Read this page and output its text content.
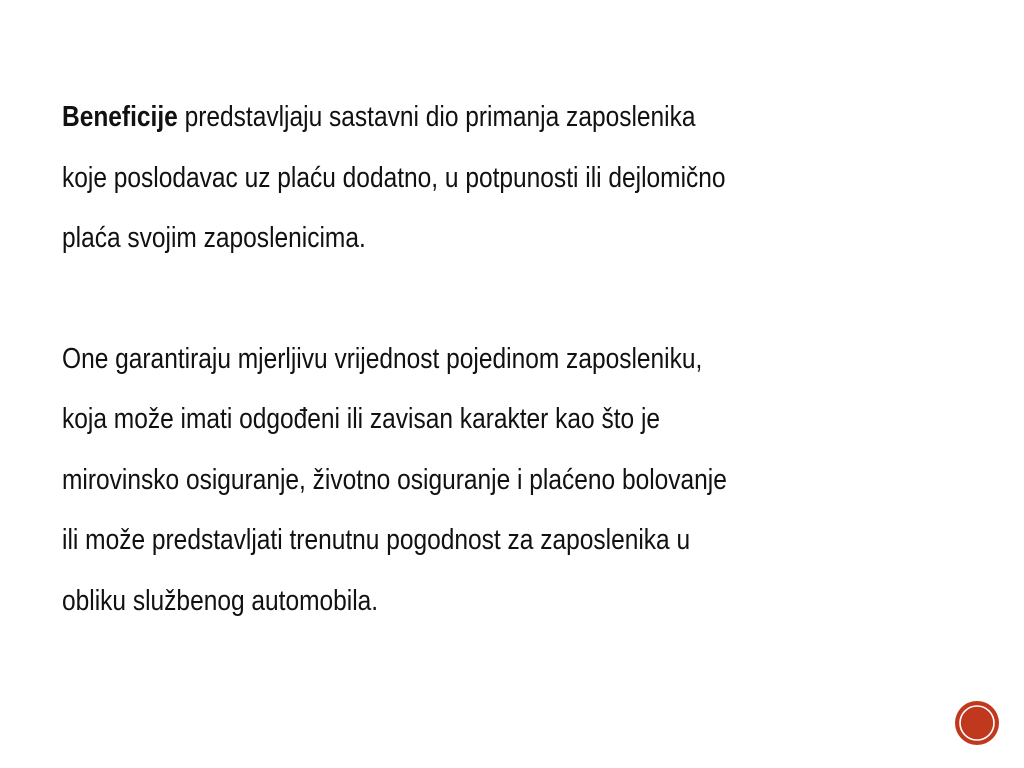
Beneficije predstavljaju sastavni dio primanja zaposlenika
koje poslodavac uz plaću dodatno, u potpunosti ili dejlomično
plaća svojim zaposlenicima.

One garantiraju mjerljivu vrijednost pojedinom zaposleniku,
koja može imati odgođeni ili zavisan karakter kao što je
mirovinsko osiguranje, životno osiguranje i plaćeno bolovanje
ili može predstavljati trenutnu pogodnost za zaposlenika u
obliku službenog automobila.
